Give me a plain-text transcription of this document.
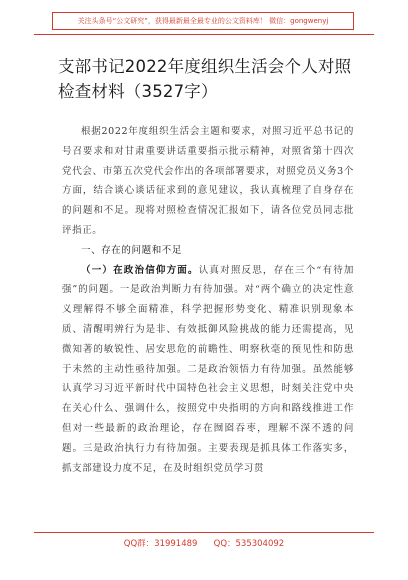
关注头条号“公文研究”，获得最新最全最专业的公文资料库！ 微信：gongwenyj
支部书记2022年度组织生活会个人对照检查材料（3527字）

根据2022年度组织生活会主题和要求，对照习近平总书记的号召要求和对甘肃重要讲话重要指示批示精神，对照省第十四次党代会、市第五次党代会作出的各项部署要求，对照党员义务3个方面，结合谈心谈话征求到的意见建议，我认真梳理了自身存在的问题和不足。现将对照检查情况汇报如下，请各位党员同志批评指正。

一、存在的问题和不足

（一）在政治信仰方面。认真对照反思，存在三个“有待加强”的问题。一是政治判断力有待加强。对“两个确立的决定性意义理解得不够全面精准，科学把握形势变化、精准识别现象本质、清醒明辨行为是非、有效抵御风险挑战的能力还需提高，见微知著的敏锐性、居安思危的前瞻性、明察秋毫的预见性和防患于未然的主动性亟待加强。二是政治领悟力有待加强。虽然能够认真学习习近平新时代中国特色社会主义思想，时刻关注党中央在关心什么、强调什么，按照党中央指明的方向和路线推进工作但对一些最新的政治理论，存在囫囵吞枣，理解不深不透的问题。三是政治执行力有待加强。主要表现是抓具体工作落实多，抓支部建设力度不足，在及时组织党员学习贯

QQ群：31991489      QQ：535304092
